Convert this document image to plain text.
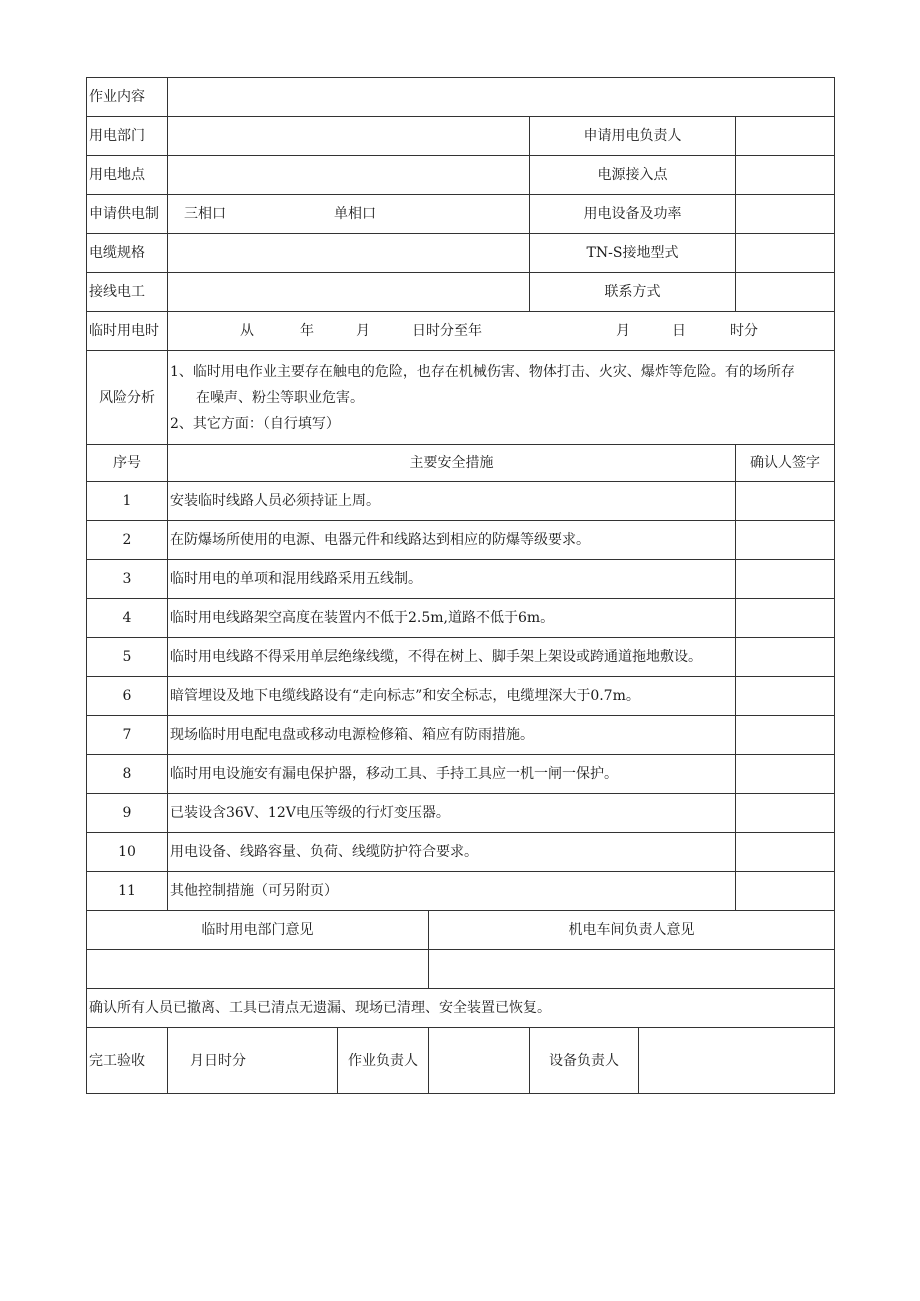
作业内容						
用电部门				申请用电负责人		
用电地点				电源接入点		
申请供电制	三相口 单相口			用电设备及功率		
电缆规格				TN-S接地型式		
接线电工				联系方式		
临时用电时	从 年 月 日时分至年 月 日 时分					
风险分析	1、临时用电作业主要存在触电的危险，也存在机械伤害、物体打击、火灾、爆炸等危险。有的场所存

在噪声、粉尘等职业危害。

2、其它方面：（自行填写）					

序号	主要安全措施					确认人签字
1	安装临时线路人员必须持证上周。					
2	在防爆场所使用的电源、电器元件和线路达到相应的防爆等级要求。					
3	临时用电的单项和混用线路采用五线制。					
4	临时用电线路架空高度在装置内不低于2.5m,道路不低于6m。					
5	临时用电线路不得采用单层绝缘线缆，不得在树上、脚手架上架设或跨通道拖地敷设。					
6	暗管埋设及地下电缆线路设有“走向标志”和安全标志，电缆埋深大于0.7m。					
7	现场临时用电配电盘或移动电源检修箱、箱应有防雨措施。					
8	临时用电设施安有漏电保护器，移动工具、手持工具应一机一闸一保护。					
9	已装设含36V、12V电压等级的行灯变压器。					
10	用电设备、线路容量、负荷、线缆防护符合要求。					
11	其他控制措施（可另附页）					
临时用电部门意见			机电车间负责人意见			

确认所有人员已撤离、工具已清点无遗漏、现场已清理、安全装置已恢复。						
完工验收	月日时分	作业负责人		设备负责人		
